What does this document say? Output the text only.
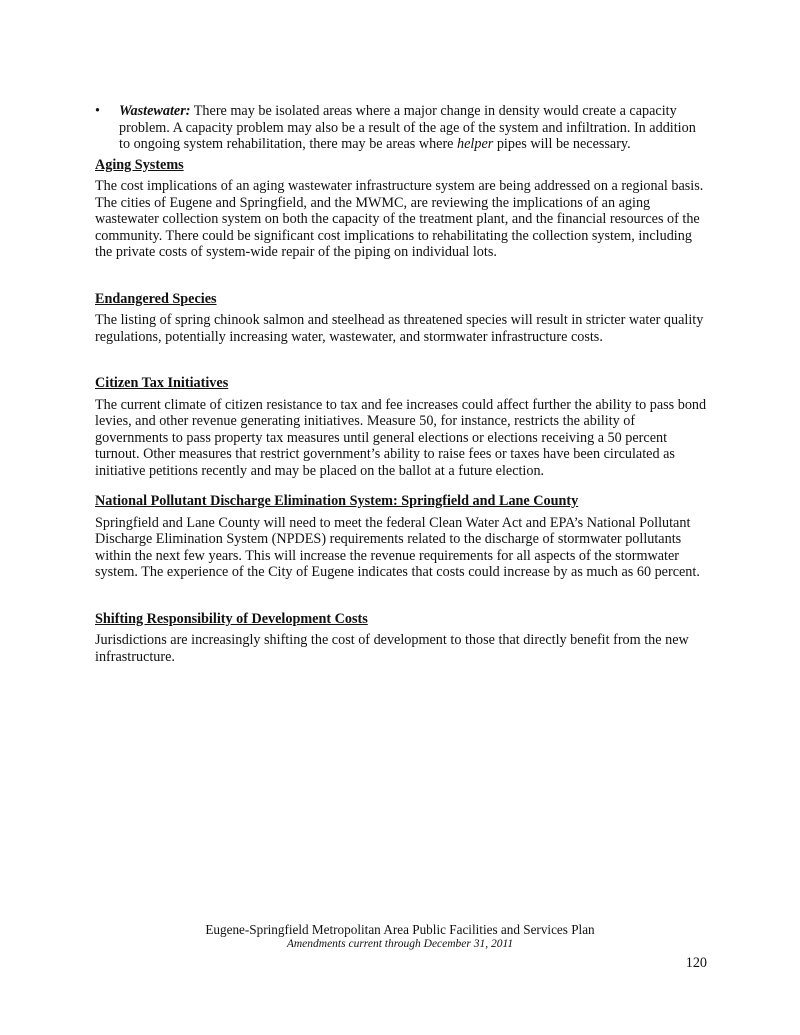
•	Wastewater: There may be isolated areas where a major change in density would create a capacity problem. A capacity problem may also be a result of the age of the system and infiltration. In addition to ongoing system rehabilitation, there may be areas where helper pipes will be necessary.
Aging Systems

The cost implications of an aging wastewater infrastructure system are being addressed on a regional basis. The cities of Eugene and Springfield, and the MWMC, are reviewing the implications of an aging wastewater collection system on both the capacity of the treatment plant, and the financial resources of the community. There could be significant cost implications to rehabilitating the collection system, including the private costs of system-wide repair of the piping on individual lots.

Endangered Species

The listing of spring chinook salmon and steelhead as threatened species will result in stricter water quality regulations, potentially increasing water, wastewater, and stormwater infrastructure costs.

Citizen Tax Initiatives

The current climate of citizen resistance to tax and fee increases could affect further the ability to pass bond levies, and other revenue generating initiatives. Measure 50, for instance, restricts the ability of governments to pass property tax measures until general elections or elections receiving a 50 percent turnout. Other measures that restrict government’s ability to raise fees or taxes have been circulated as initiative petitions recently and may be placed on the ballot at a future election.

National Pollutant Discharge Elimination System: Springfield and Lane County

Springfield and Lane County will need to meet the federal Clean Water Act and EPA’s National Pollutant Discharge Elimination System (NPDES) requirements related to the discharge of stormwater pollutants within the next few years. This will increase the revenue requirements for all aspects of the stormwater system. The experience of the City of Eugene indicates that costs could increase by as much as 60 percent.

Shifting Responsibility of Development Costs

Jurisdictions are increasingly shifting the cost of development to those that directly benefit from the new infrastructure.

Eugene-Springfield Metropolitan Area Public Facilities and Services Plan
Amendments current through December 31, 2011
120
